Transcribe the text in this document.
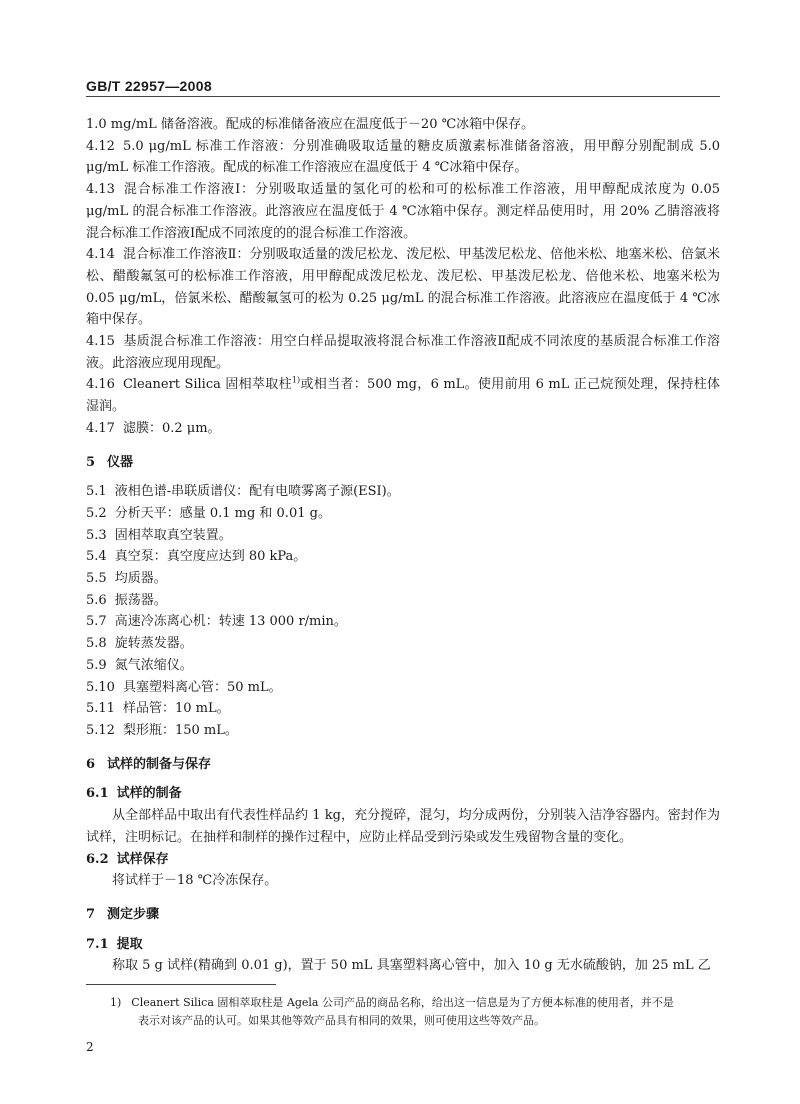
GB/T 22957—2008

1.0 mg/mL 储备溶液。配成的标准储备液应在温度低于－20 ℃冰箱中保存。

4.12 5.0 μg/mL 标准工作溶液：分别准确吸取适量的糖皮质激素标准储备溶液，用甲醇分别配制成 5.0 μg/mL 标准工作溶液。配成的标准工作溶液应在温度低于 4 ℃冰箱中保存。

4.13 混合标准工作溶液Ⅰ：分别吸取适量的氢化可的松和可的松标准工作溶液，用甲醇配成浓度为 0.05 μg/mL 的混合标准工作溶液。此溶液应在温度低于 4 ℃冰箱中保存。测定样品使用时，用 20% 乙腈溶液将混合标准工作溶液Ⅰ配成不同浓度的的混合标准工作溶液。

4.14 混合标准工作溶液Ⅱ：分别吸取适量的泼尼松龙、泼尼松、甲基泼尼松龙、倍他米松、地塞米松、倍氯米松、醋酸氟氢可的松标准工作溶液，用甲醇配成泼尼松龙、泼尼松、甲基泼尼松龙、倍他米松、地塞米松为 0.05 μg/mL，倍氯米松、醋酸氟氢可的松为 0.25 μg/mL 的混合标准工作溶液。此溶液应在温度低于 4 ℃冰箱中保存。

4.15 基质混合标准工作溶液：用空白样品提取液将混合标准工作溶液Ⅱ配成不同浓度的基质混合标准工作溶液。此溶液应现用现配。

4.16 Cleanert Silica 固相萃取柱$^{1)}$或相当者：500 mg，6 mL。使用前用 6 mL 正己烷预处理，保持柱体湿润。

4.17 滤膜：0.2 μm。

5 仪器

5.1 液相色谱-串联质谱仪：配有电喷雾离子源(ESI)。

5.2 分析天平：感量 0.1 mg 和 0.01 g。

5.3 固相萃取真空装置。

5.4 真空泵：真空度应达到 80 kPa。

5.5 均质器。

5.6 振荡器。

5.7 高速冷冻离心机：转速 13 000 r/min。

5.8 旋转蒸发器。

5.9 氮气浓缩仪。

5.10 具塞塑料离心管：50 mL。

5.11 样品管：10 mL。

5.12 梨形瓶：150 mL。

6 试样的制备与保存

6.1 试样的制备

从全部样品中取出有代表性样品约 1 kg，充分搅碎，混匀，均分成两份，分别装入洁净容器内。密封作为试样，注明标记。在抽样和制样的操作过程中，应防止样品受到污染或发生残留物含量的变化。

6.2 试样保存

将试样于－18 ℃冷冻保存。

7 测定步骤

7.1 提取

称取 5 g 试样(精确到 0.01 g)，置于 50 mL 具塞塑料离心管中，加入 10 g 无水硫酸钠，加 25 mL 乙

1) Cleanert Silica 固相萃取柱是 Agela 公司产品的商品名称，给出这一信息是为了方便本标准的使用者，并不是
表示对该产品的认可。如果其他等效产品具有相同的效果，则可使用这些等效产品。
2
